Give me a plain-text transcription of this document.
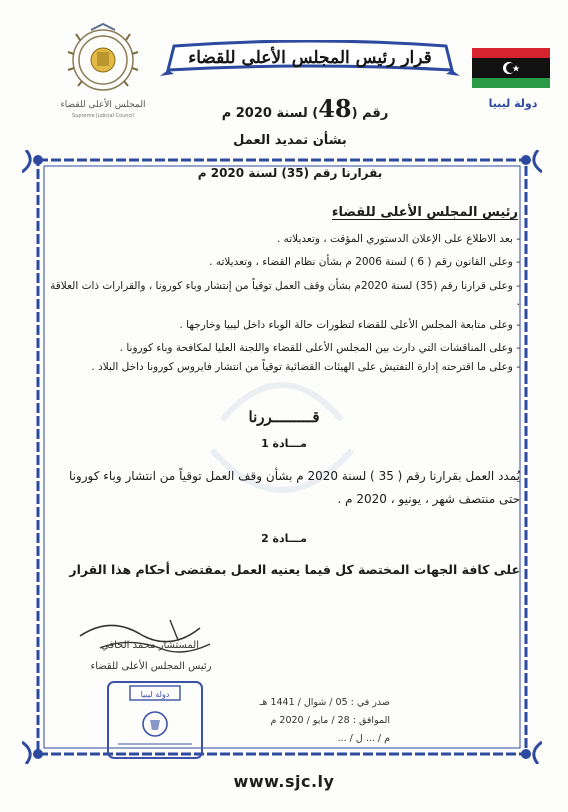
المجلس الأعلى للقضاء
Supreme Judicial Council
دولة ليبيا
قرار رئيس المجلس الأعلى للقضاء
رقم (48) لسنة 2020 م
بشأن تمديد العمل
بقرارنا رقم (35) لسنة 2020 م
رئيس المجلس الأعلى للقضاء
- بعد الاطلاع على الإعلان الدستوري المؤقت ، وتعديلاته .
- وعلى القانون رقم ( 6 ) لسنة 2006 م بشأن نظام القضاء ، وتعديلاته .
- وعلى قرارنا رقم (35) لسنة 2020م بشأن وقف العمل توقياً من إنتشار وباء كورونا ، والقرارات ذات العلاقة .
- وعلى متابعة المجلس الأعلى للقضاء لتطورات حالة الوباء داخل ليبيا وخارجها .
- وعلى المناقشات التي دارت بين المجلس الأعلى للقضاء واللجنة العليا لمكافحة وباء كورونا .
- وعلى ما اقترحته إدارة التفتيش على الهيئات القضائية توقياً من انتشار فايروس كورونا داخل البلاد .
قـــــــــررنا
مـــادة 1
يُمدد العمل بقرارنا رقم ( 35 ) لسنة 2020 م بشأن وقف العمل توقياً من انتشار وباء كورونا حتى منتصف شهر ، يونيو ، 2020 م .
مـــادة 2
على كافة الجهات المختصة كل فيما يعنيه العمل بمقتضى أحكام هذا القرار
المستشار محمد الحافي
رئيس المجلس الأعلى للقضاء
دولة ليبيا
صدر في : 05 / شوال / 1441 هـ
الموافق : 28 / مايو / 2020 م
م / ... ل / ...
www.sjc.ly
